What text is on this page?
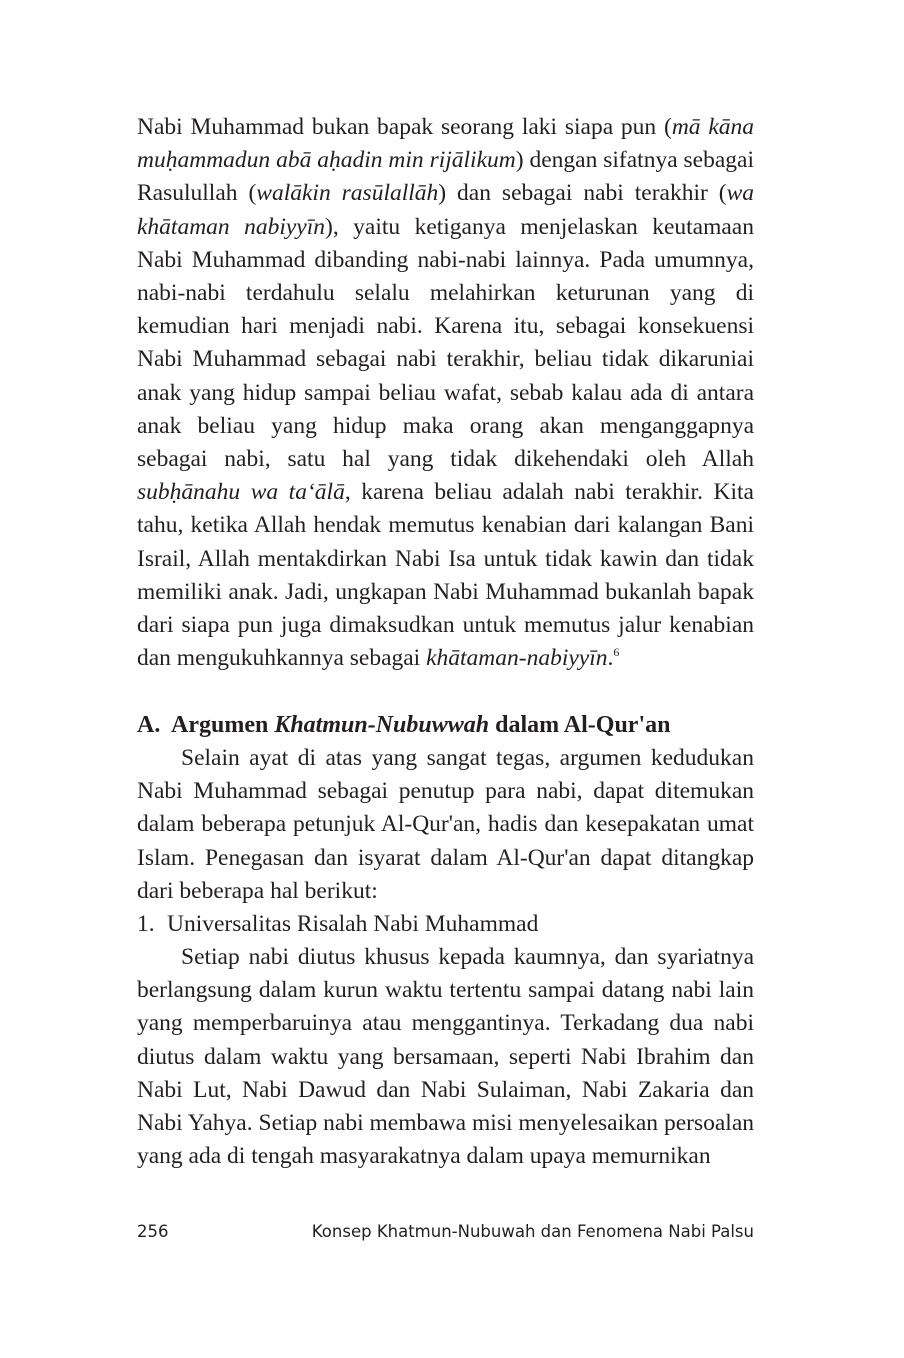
Nabi Muhammad bukan bapak seorang laki siapa pun (mā kāna muḥammadun abā aḥadin min rijālikum) dengan sifatnya sebagai Rasulullah (walākin rasūlallāh) dan sebagai nabi terakhir (wa khātaman nabiyyīn), yaitu ketiganya menjelaskan keutamaan Nabi Muhammad dibanding nabi-nabi lainnya. Pada umumnya, nabi-nabi terdahulu selalu melahirkan keturunan yang di kemudian hari menjadi nabi. Karena itu, sebagai konsekuensi Nabi Muhammad sebagai nabi terakhir, beliau tidak dikaruniai anak yang hidup sampai beliau wafat, sebab kalau ada di antara anak beliau yang hidup maka orang akan menganggapnya sebagai nabi, satu hal yang tidak dikehendaki oleh Allah subḥānahu wa ta‘ālā, karena beliau adalah nabi terakhir. Kita tahu, ketika Allah hendak memutus kenabian dari kalangan Bani Israil, Allah mentakdirkan Nabi Isa untuk tidak kawin dan tidak memiliki anak. Jadi, ungkapan Nabi Muhammad bukanlah bapak dari siapa pun juga dimaksudkan untuk memutus jalur kenabian dan mengukuhkannya sebagai khātaman-nabiyyīn.$^6$

A. Argumen Khatmun-Nubuwwah dalam Al-Qur'an

Selain ayat di atas yang sangat tegas, argumen kedudukan Nabi Muhammad sebagai penutup para nabi, dapat ditemukan dalam beberapa petunjuk Al-Qur'an, hadis dan kesepakatan umat Islam. Penegasan dan isyarat dalam Al-Qur'an dapat ditangkap dari beberapa hal berikut:

1. Universalitas Risalah Nabi Muhammad

Setiap nabi diutus khusus kepada kaumnya, dan syariatnya berlangsung dalam kurun waktu tertentu sampai datang nabi lain yang memperbaruinya atau menggantinya. Terkadang dua nabi diutus dalam waktu yang bersamaan, seperti Nabi Ibrahim dan Nabi Lut, Nabi Dawud dan Nabi Sulaiman, Nabi Zakaria dan Nabi Yahya. Setiap nabi membawa misi menyelesaikan persoalan yang ada di tengah masyarakatnya dalam upaya memurnikan

256	Konsep Khatmun-Nubuwah dan Fenomena Nabi Palsu
